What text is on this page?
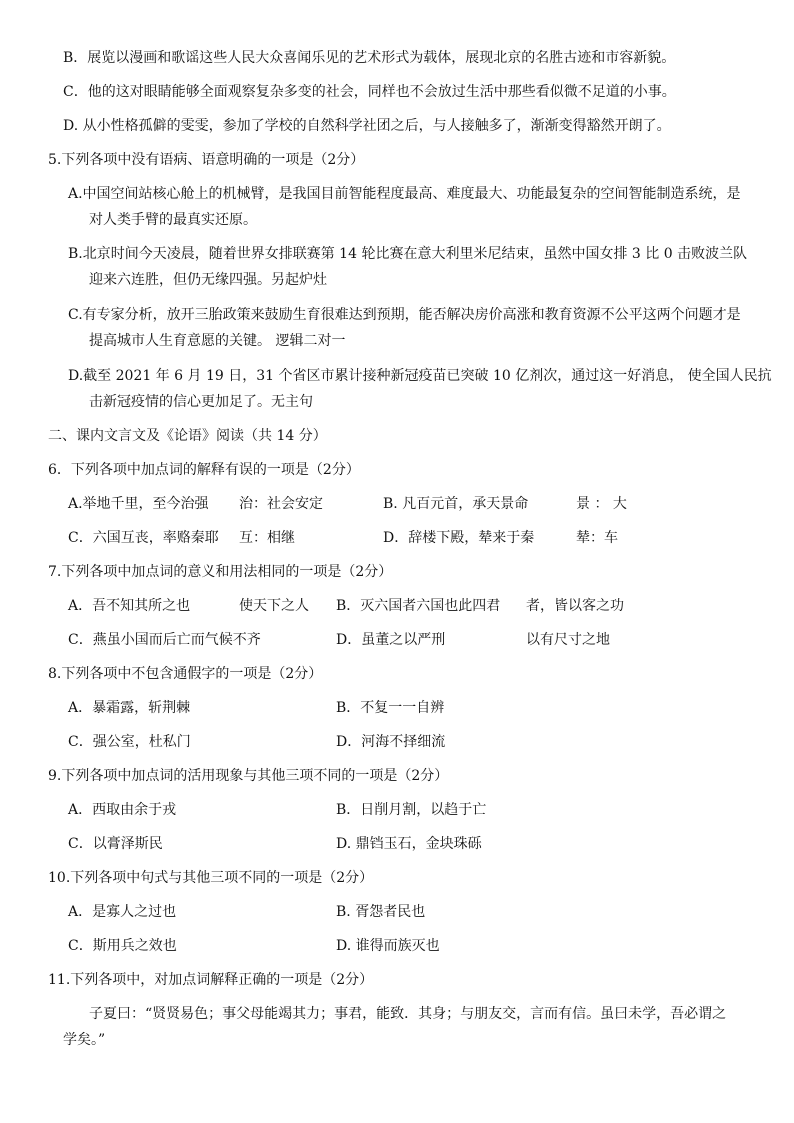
B．展览以漫画和歌谣这些人民大众喜闻乐见的艺术形式为载体，展现北京的名胜古迹和市容新貌。
C．他的这对眼睛能够全面观察复杂多变的社会，同样也不会放过生活中那些看似微不足道的小事。
D. 从小性格孤僻的雯雯，参加了学校的自然科学社团之后，与人接触多了，渐渐变得豁然开朗了。
5.下列各项中没有语病、语意明确的一项是（2分）
A.中国空间站核心舱上的机械臂，是我国目前智能程度最高、难度最大、功能最复杂的空间智能制造系统，是
对人类手臂的最真实还原。
B.北京时间今天凌晨，随着世界女排联赛第 14 轮比赛在意大利里米尼结束，虽然中国女排 3 比 0 击败波兰队
迎来六连胜，但仍无缘四强。另起炉灶
C.有专家分析，放开三胎政策来鼓励生育很难达到预期，能否解决房价高涨和教育资源不公平这两个问题才是
提高城市人生育意愿的关键。 逻辑二对一
D.截至 2021 年 6 月 19 日，31 个省区市累计接种新冠疫苗已突破 10 亿剂次，通过这一好消息， 使全国人民抗
击新冠疫情的信心更加足了。无主句
二、课内文言文及《论语》阅读（共 14 分）
6．下列各项中加点词的解释有误的一项是（2分）
A.举地千里，至今治强 治：社会安定	B. 凡百元首，承天景命	景 ： 大
C．六国互丧，率赂秦耶 互：相继	D．辞楼下殿，辇来于秦	辇：车
7.下列各项中加点词的意义和用法相同的一项是（2分）
A．吾不知其所之也	使天下之人 B．灭六国者六国也此四君 者，皆以客之功
C．燕虽小国而后亡而气候不齐	D．虽董之以严刑	以有尺寸之地
8.下列各项中不包含通假字的一项是（2分）
A．暴霜露，斩荆棘	B．不复一一自辨
C．强公室，杜私门	D．河海不择细流
9.下列各项中加点词的活用现象与其他三项不同的一项是（2分）
A．西取由余于戎	B．日削月割，以趋于亡
C．以膏泽斯民	D. 鼎铛玉石，金块珠砾
10.下列各项中句式与其他三项不同的一项是（2分）
A．是寡人之过也	B. 胥怨者民也
C．斯用兵之效也	D. 谁得而族灭也
11.下列各项中，对加点词解释正确的一项是（2分）
子夏曰：“贤贤易色；事父母能竭其力；事君，能致．其身；与朋友交，言而有信。虽曰未学，吾必谓之
学矣。”
